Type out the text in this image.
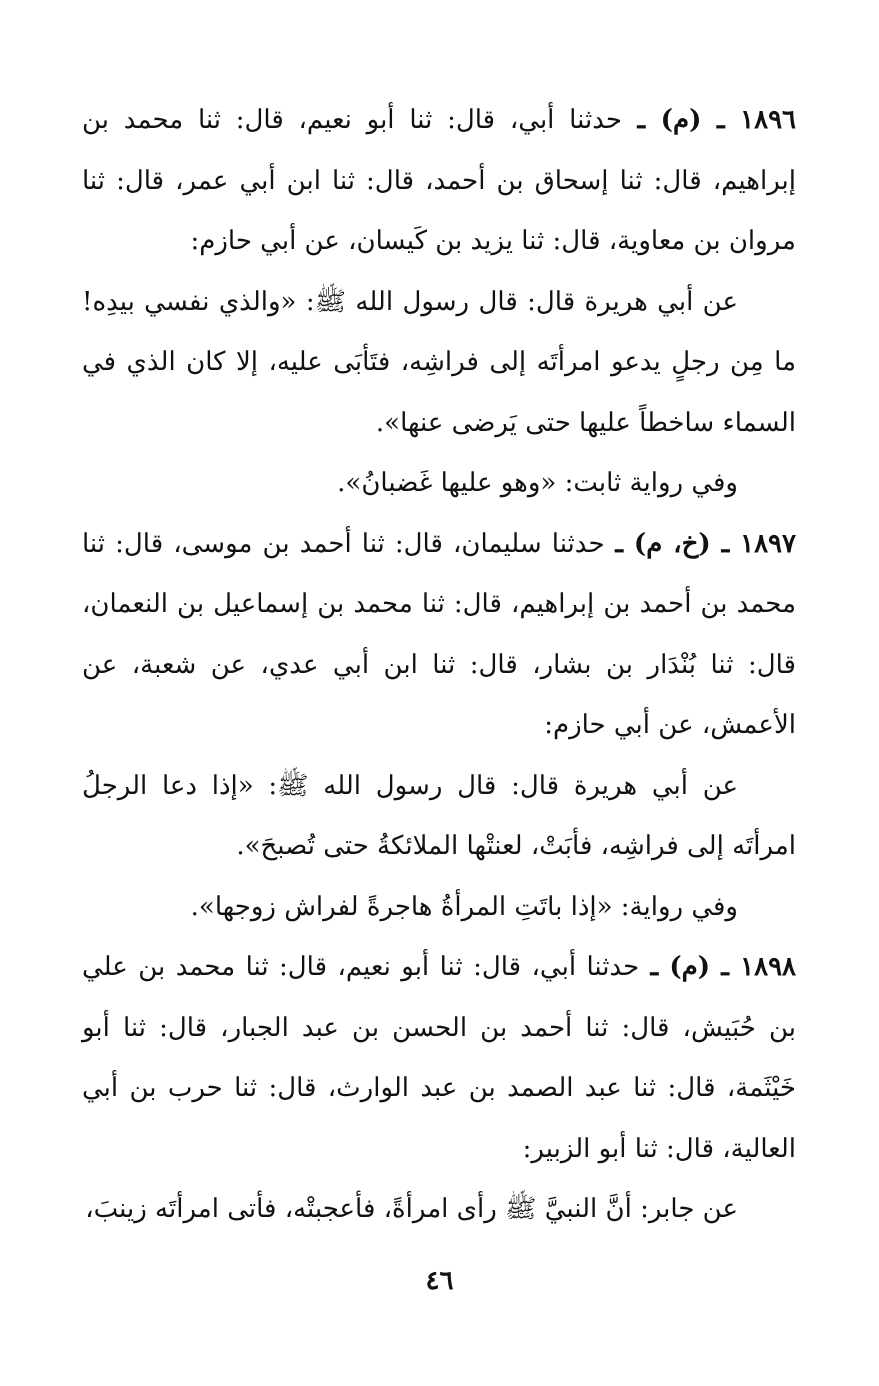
١٨٩٦ ـ (م) ـ حدثنا أبي، قال: ثنا أبو نعيم، قال: ثنا محمد بن إبراهيم، قال: ثنا إسحاق بن أحمد، قال: ثنا ابن أبي عمر، قال: ثنا مروان بن معاوية، قال: ثنا يزيد بن كَيسان، عن أبي حازم:

عن أبي هريرة قال: قال رسول الله ﷺ: «والذي نفسي بيدِه! ما مِن رجلٍ يدعو امرأتَه إلى فراشِه، فتَأبَى عليه، إلا كان الذي في السماء ساخطاً عليها حتى يَرضى عنها».

وفي رواية ثابت: «وهو عليها غَضبانُ».

١٨٩٧ ـ (خ، م) ـ حدثنا سليمان، قال: ثنا أحمد بن موسى، قال: ثنا محمد بن أحمد بن إبراهيم، قال: ثنا محمد بن إسماعيل بن النعمان، قال: ثنا بُنْدَار بن بشار، قال: ثنا ابن أبي عدي، عن شعبة، عن الأعمش، عن أبي حازم:

عن أبي هريرة قال: قال رسول الله ﷺ: «إذا دعا الرجلُ امرأتَه إلى فراشِه، فأبَتْ، لعنتْها الملائكةُ حتى تُصبحَ».

وفي رواية: «إذا باتَتِ المرأةُ هاجرةً لفراش زوجها».

١٨٩٨ ـ (م) ـ حدثنا أبي، قال: ثنا أبو نعيم، قال: ثنا محمد بن علي بن حُبَيش، قال: ثنا أحمد بن الحسن بن عبد الجبار، قال: ثنا أبو خَيْثَمة، قال: ثنا عبد الصمد بن عبد الوارث، قال: ثنا حرب بن أبي العالية، قال: ثنا أبو الزبير:

عن جابر: أنَّ النبيَّ ﷺ رأى امرأةً، فأعجبتْه، فأتى امرأتَه زينبَ،

٤٦
